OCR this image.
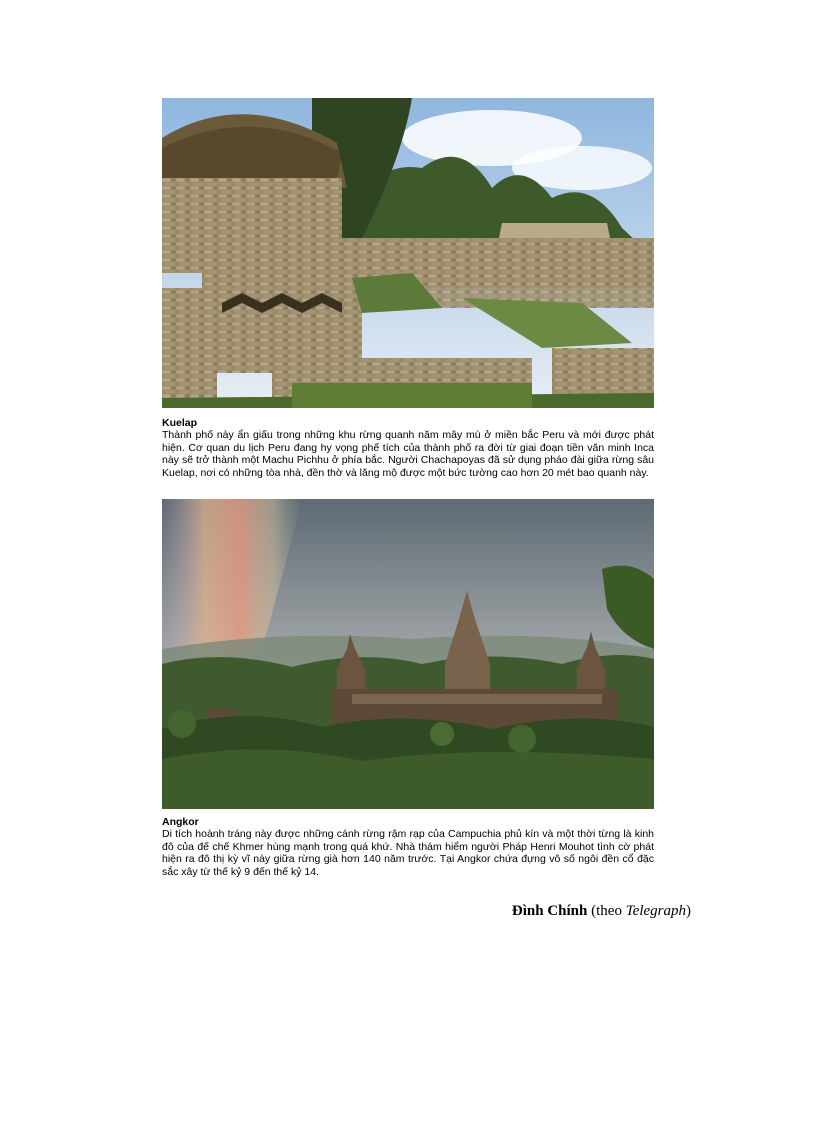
Kuelap
Thành phố này ẩn giấu trong những khu rừng quanh năm mây mù ở miền bắc Peru và mới được phát hiện. Cơ quan du lịch Peru đang hy vọng phế tích của thành phố ra đời từ giai đoạn tiền văn minh Inca này sẽ trở thành một Machu Pichhu ở phía bắc. Người Chachapoyas đã sử dụng pháo đài giữa rừng sâu Kuelap, nơi có những tòa nhà, đền thờ và lăng mộ được một bức tường cao hơn 20 mét bao quanh này.
Angkor
Di tích hoành tráng này được những cánh rừng rậm rạp của Campuchia phủ kín và một thời từng là kinh đô của đế chế Khmer hùng mạnh trong quá khứ. Nhà thám hiểm người Pháp Henri Mouhot tình cờ phát hiện ra đô thị kỳ vĩ này giữa rừng già hơn 140 năm trước. Tại Angkor chứa đựng vô số ngôi đền cổ đặc sắc xây từ thế kỷ 9 đến thế kỷ 14.
Đình Chính (theo Telegraph)
